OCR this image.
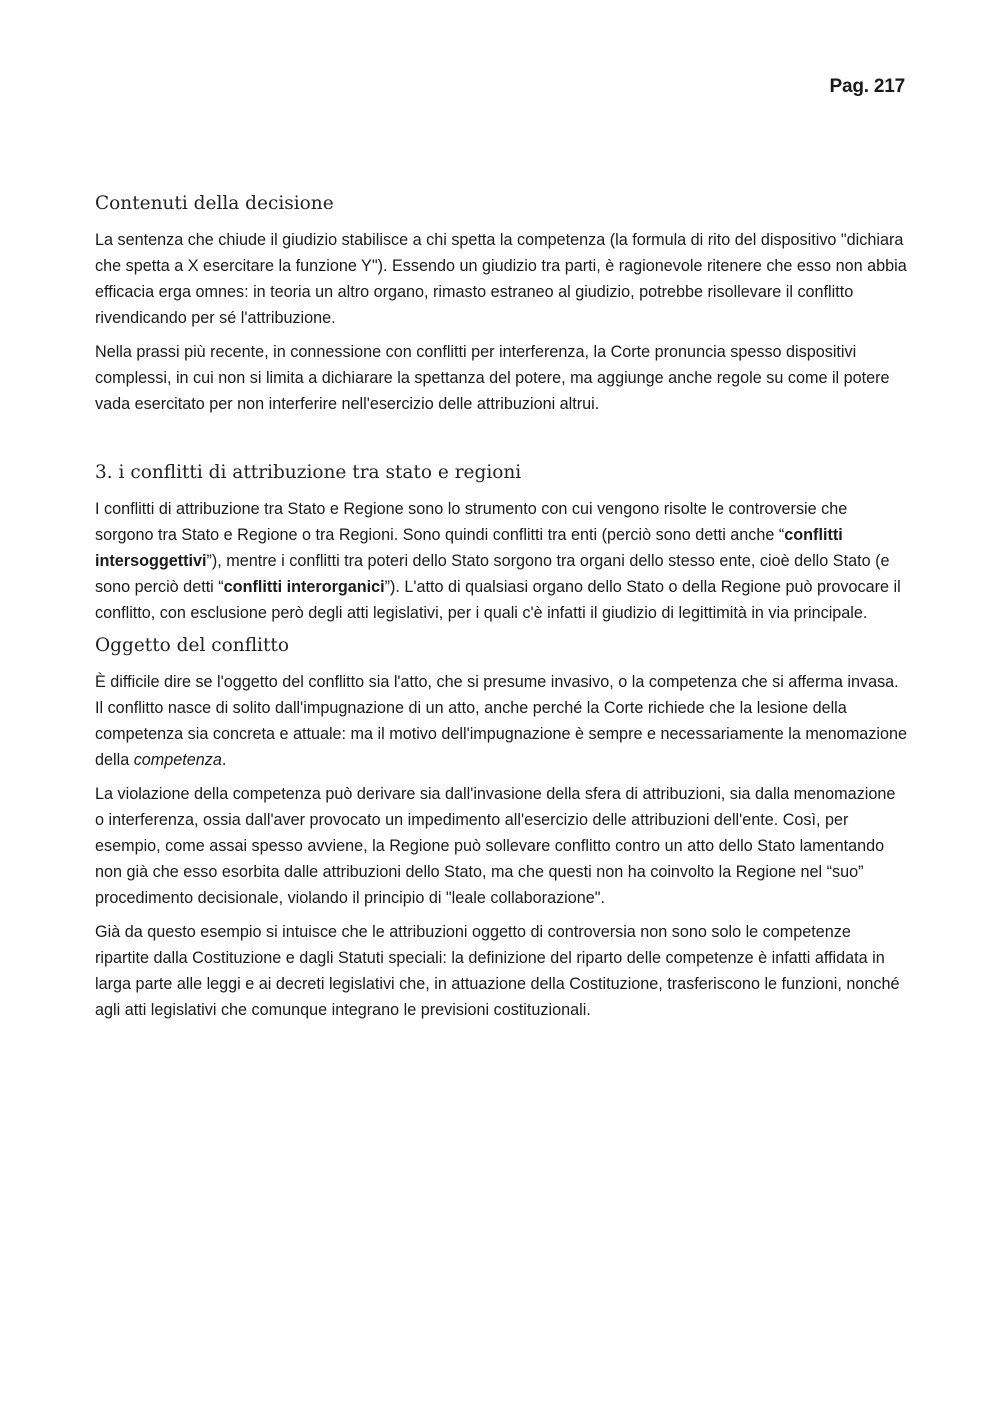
Pag. 217
Contenuti della decisione

La sentenza che chiude il giudizio stabilisce a chi spetta la competenza (la formula di rito del dispositivo "dichiara che spetta a X esercitare la funzione Y"). Essendo un giudizio tra parti, è ragionevole ritenere che esso non abbia efficacia erga omnes: in teoria un altro organo, rimasto estraneo al giudizio, potrebbe risollevare il conflitto rivendicando per sé l'attribuzione.

Nella prassi più recente, in connessione con conflitti per interferenza, la Corte pronuncia spesso dispositivi complessi, in cui non si limita a dichiarare la spettanza del potere, ma aggiunge anche regole su come il potere vada esercitato per non interferire nell'esercizio delle attribuzioni altrui.

3. i conflitti di attribuzione tra stato e regioni

I conflitti di attribuzione tra Stato e Regione sono lo strumento con cui vengono risolte le controversie che sorgono tra Stato e Regione o tra Regioni. Sono quindi conflitti tra enti (perciò sono detti anche “conflitti intersoggettivi”), mentre i conflitti tra poteri dello Stato sorgono tra organi dello stesso ente, cioè dello Stato (e sono perciò detti “conflitti interorganici”). L'atto di qualsiasi organo dello Stato o della Regione può provocare il conflitto, con esclusione però degli atti legislativi, per i quali c'è infatti il giudizio di legittimità in via principale.

Oggetto del conflitto

È difficile dire se l'oggetto del conflitto sia l'atto, che si presume invasivo, o la competenza che si afferma invasa. Il conflitto nasce di solito dall'impugnazione di un atto, anche perché la Corte richiede che la lesione della competenza sia concreta e attuale: ma il motivo dell'impugnazione è sempre e necessariamente la menomazione della competenza.

La violazione della competenza può derivare sia dall'invasione della sfera di attribuzioni, sia dalla menomazione o interferenza, ossia dall'aver provocato un impedimento all'esercizio delle attribuzioni dell'ente. Così, per esempio, come assai spesso avviene, la Regione può sollevare conflitto contro un atto dello Stato lamentando non già che esso esorbita dalle attribuzioni dello Stato, ma che questi non ha coinvolto la Regione nel “suo” procedimento decisionale, violando il principio di "leale collaborazione".

Già da questo esempio si intuisce che le attribuzioni oggetto di controversia non sono solo le competenze ripartite dalla Costituzione e dagli Statuti speciali: la definizione del riparto delle competenze è infatti affidata in larga parte alle leggi e ai decreti legislativi che, in attuazione della Costituzione, trasferiscono le funzioni, nonché agli atti legislativi che comunque integrano le previsioni costituzionali.
